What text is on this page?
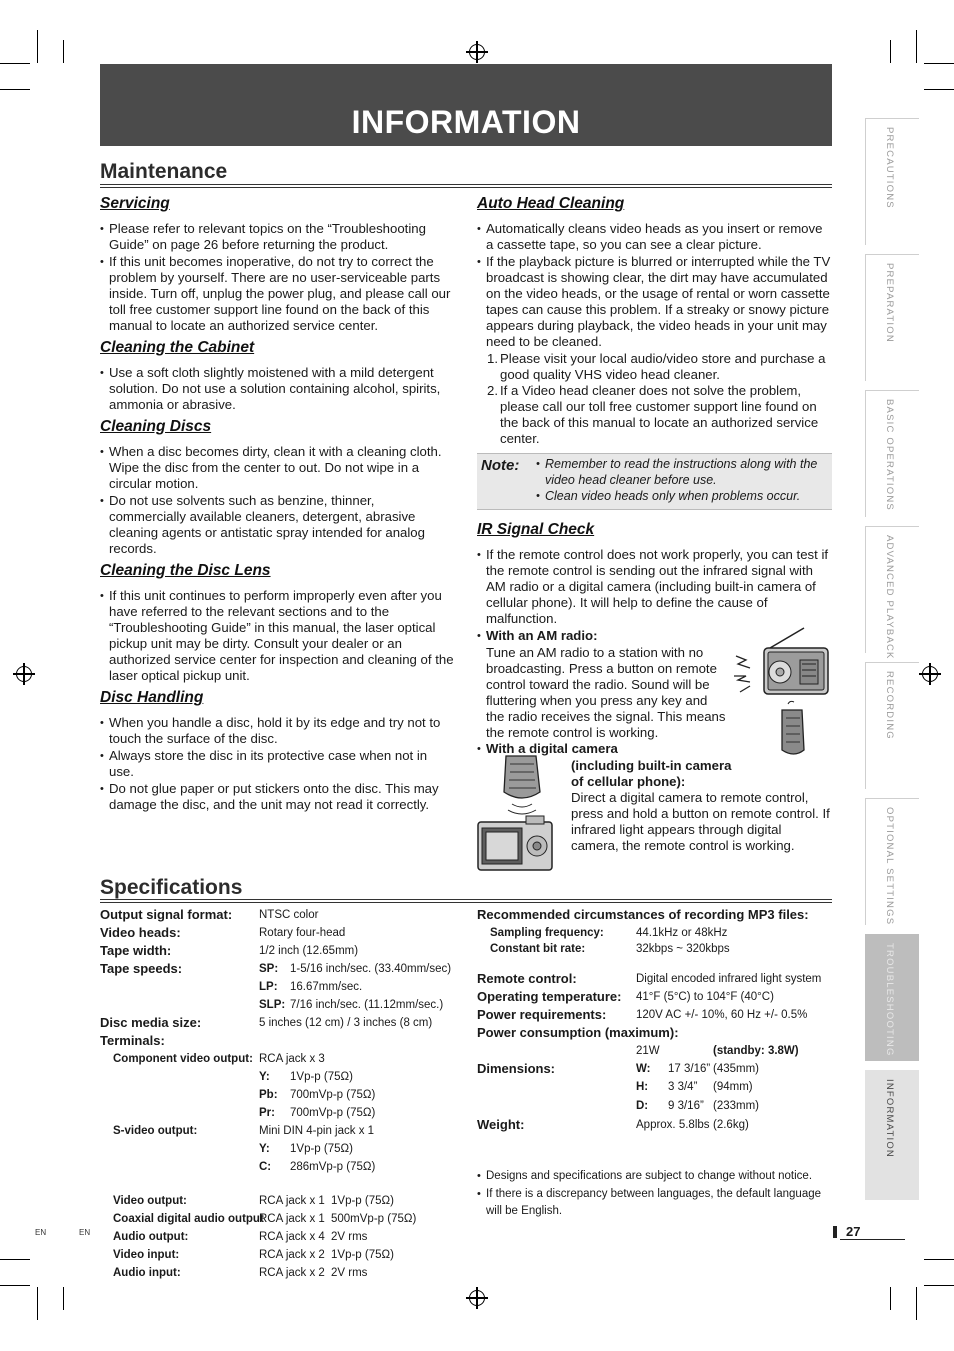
INFORMATION
Maintenance
Servicing
• Please refer to relevant topics on the “Troubleshooting Guide” on page 26 before returning the product.
• If this unit becomes inoperative, do not try to correct the problem by yourself. There are no user-serviceable parts inside. Turn off, unplug the power plug, and please call our toll free customer support line found on the back of this manual to locate an authorized service center.
Cleaning the Cabinet
• Use a soft cloth slightly moistened with a mild detergent solution. Do not use a solution containing alcohol, spirits, ammonia or abrasive.
Cleaning Discs
• When a disc becomes dirty, clean it with a cleaning cloth. Wipe the disc from the center to out. Do not wipe in a circular motion.
• Do not use solvents such as benzine, thinner, commercially available cleaners, detergent, abrasive cleaning agents or antistatic spray intended for analog records.
Cleaning the Disc Lens
• If this unit continues to perform improperly even after you have referred to the relevant sections and to the “Troubleshooting Guide” in this manual, the laser optical pickup unit may be dirty. Consult your dealer or an authorized service center for inspection and cleaning of the laser optical pickup unit.
Disc Handling
• When you handle a disc, hold it by its edge and try not to touch the surface of the disc.
• Always store the disc in its protective case when not in use.
• Do not glue paper or put stickers onto the disc. This may damage the disc, and the unit may not read it correctly.
Auto Head Cleaning
• Automatically cleans video heads as you insert or remove a cassette tape, so you can see a clear picture.
• If the playback picture is blurred or interrupted while the TV broadcast is showing clear, the dirt may have accumulated on the video heads, or the usage of rental or worn cassette tapes can cause this problem. If a streaky or snowy picture appears during playback, the video heads in your unit may need to be cleaned.
1. Please visit your local audio/video store and purchase a good quality VHS video head cleaner.
2. If a Video head cleaner does not solve the problem, please call our toll free customer support line found on the back of this manual to locate an authorized service center.
Note:
•	Remember to read the instructions along with the video head cleaner before use.
• Clean video heads only when problems occur.
IR Signal Check
• If the remote control does not work properly, you can test if the remote control is sending out the infrared signal with AM radio or a digital camera (including built-in camera of cellular phone). It will help to define the cause of malfunction.
• With an AM radio:
Tune an AM radio to a station with no broadcasting. Press a button on remote control toward the radio. Sound will be fluttering when you press any key and the radio receives the signal. This means the remote control is working.
• With a digital camera
(including built-in camera of cellular phone):
Direct a digital camera to remote control, press and hold a button on remote control. If infrared light appears through digital camera, the remote control is working.
Specifications
Output signal format: NTSC color
Video heads:	Rotary four-head
Tape width:	1/2 inch (12.65mm)
Tape speeds:	SP: 1-5/16 inch/sec. (33.40mm/sec)
LP: 16.67mm/sec.
SLP: 7/16 inch/sec. (11.12mm/sec.)
Disc media size:	5 inches (12 cm) / 3 inches (8 cm)
Terminals:
Component video output: RCA jack x 3
Y: 1Vp-p (75Ω)
Pb: 700mVp-p (75Ω)
Pr: 700mVp-p (75Ω)
S-video output:	Mini DIN 4-pin jack x 1
Y: 1Vp-p (75Ω)
C: 286mVp-p (75Ω)
Video output:	RCA jack x 1 1Vp-p (75Ω)
Coaxial digital audio output
RCA jack x 1 500mVp-p (75Ω)
Audio output:	RCA jack x 4 2V rms
Video input:	RCA jack x 2 1Vp-p (75Ω)
Audio input:	RCA jack x 2 2V rms
Recommended circumstances of recording MP3 files:
Sampling frequency:	44.1kHz or 48kHz
Constant bit rate:	32kbps ~ 320kbps
Remote control:	Digital encoded infrared light system
Operating temperature: 41°F (5°C) to 104°F (40°C)
Power requirements:	120V AC +/- 10%, 60 Hz +/- 0.5%
Power consumption (maximum):
21W	(standby: 3.8W)
Dimensions:	W: 17 3/16” (435mm)
H: 3 3/4” (94mm)
D: 9 3/16” (233mm)
Weight:	Approx. 5.8lbs (2.6kg)
• Designs and specifications are subject to change without notice.
• If there is a discrepancy between languages, the default language will be English.
PRECAUTIONS
PREPARATION
BASIC OPERATIONS
ADVANCED PLAYBACK
RECORDING
OPTIONAL SETTINGS
TROUBLESHOOTING
INFORMATION
27
EN	EN
